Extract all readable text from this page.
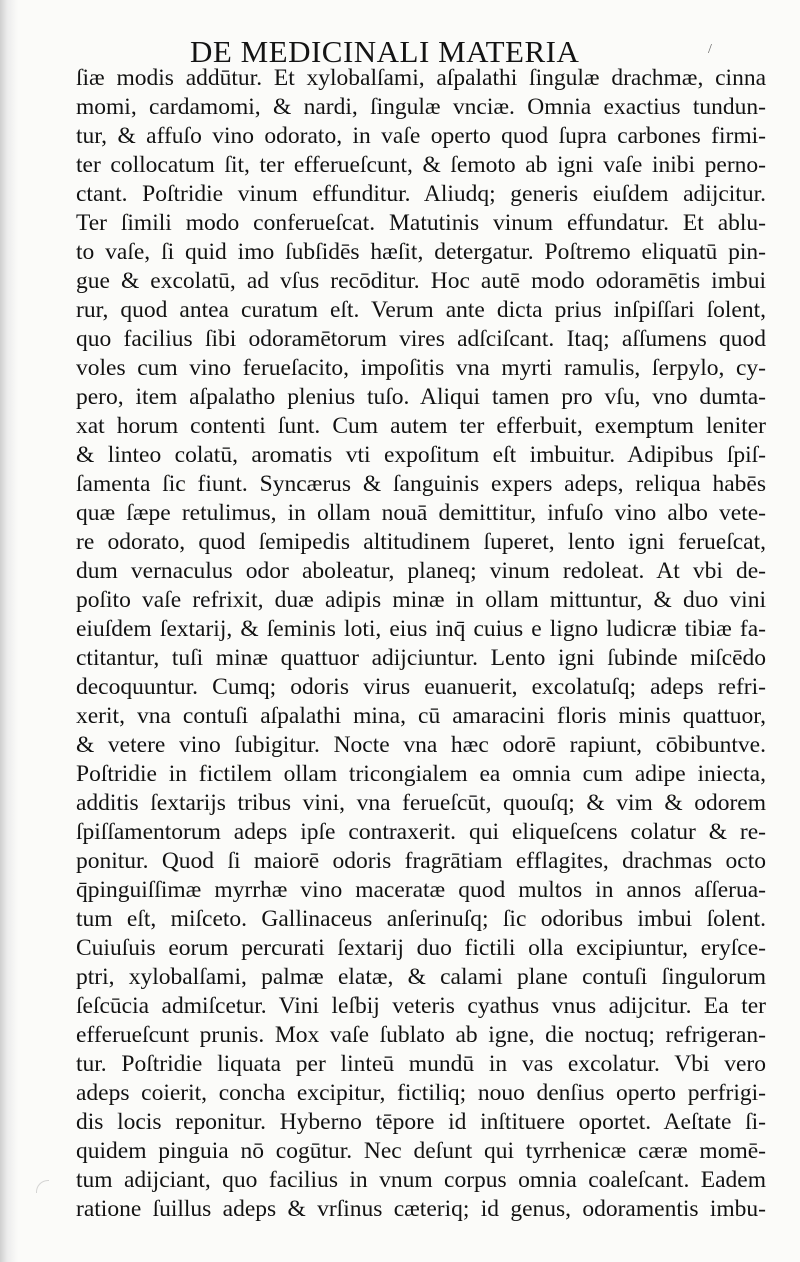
DE MEDICINALI MATERIA	/
ſiæ modis addūtur. Et xylobalſami, aſpalathi ſingulæ drachmæ, cinna
momi, cardamomi, & nardi, ſingulæ vnciæ. Omnia exactius tundun-
tur, & affuſo vino odorato, in vaſe operto quod ſupra carbones firmi-
ter collocatum ſit, ter efferueſcunt, & ſemoto ab igni vaſe inibi perno-
ctant. Poſtridie vinum effunditur. Aliudq; generis eiuſdem adijcitur.
Ter ſimili modo conferueſcat. Matutinis vinum effundatur. Et ablu-
to vaſe, ſi quid imo ſubſidēs hæſit, detergatur. Poſtremo eliquatū pin-
gue & excolatū, ad vſus recōditur. Hoc autē modo odoramētis imbui
rur, quod antea curatum eſt. Verum ante dicta prius inſpiſſari ſolent,
quo facilius ſibi odoramētorum vires adſciſcant. Itaq; aſſumens quod
voles cum vino ferueſacito, impoſitis vna myrti ramulis, ſerpylo, cy-
pero, item aſpalatho plenius tuſo. Aliqui tamen pro vſu, vno dumta-
xat horum contenti ſunt. Cum autem ter efferbuit, exemptum leniter
& linteo colatū, aromatis vti expoſitum eſt imbuitur. Adipibus ſpiſ-
ſamenta ſic fiunt. Syncærus & ſanguinis expers adeps, reliqua habēs
quæ ſæpe retulimus, in ollam nouā demittitur, infuſo vino albo vete-
re odorato, quod ſemipedis altitudinem ſuperet, lento igni ferueſcat,
dum vernaculus odor aboleatur, planeq; vinum redoleat. At vbi de-
poſito vaſe refrixit, duæ adipis minæ in ollam mittuntur, & duo vini
eiuſdem ſextarij, & ſeminis loti, eius inq̄ cuius e ligno ludicræ tibiæ fa-
ctitantur, tuſi minæ quattuor adijciuntur. Lento igni ſubinde miſcēdo
decoquuntur. Cumq; odoris virus euanuerit, excolatuſq; adeps refri-
xerit, vna contuſi aſpalathi mina, cū amaracini floris minis quattuor,
& vetere vino ſubigitur. Nocte vna hæc odorē rapiunt, cōbibuntve.
Poſtridie in fictilem ollam tricongialem ea omnia cum adipe iniecta,
additis ſextarijs tribus vini, vna ferueſcūt, quouſq; & vim & odorem
ſpiſſamentorum adeps ipſe contraxerit. qui eliqueſcens colatur & re-
ponitur. Quod ſi maiorē odoris fragrātiam efflagites, drachmas octo
q̄pinguiſſimæ myrrhæ vino maceratæ quod multos in annos aſſerua-
tum eſt, miſceto. Gallinaceus anſerinuſq; ſic odoribus imbui ſolent.
Cuiuſuis eorum percurati ſextarij duo fictili olla excipiuntur, eryſce-
ptri, xylobalſami, palmæ elatæ, & calami plane contuſi ſingulorum
ſeſcūcia admiſcetur. Vini leſbij veteris cyathus vnus adijcitur. Ea ter
efferueſcunt prunis. Mox vaſe ſublato ab igne, die noctuq; refrigeran-
tur. Poſtridie liquata per linteū mundū in vas excolatur. Vbi vero
adeps coierit, concha excipitur, fictiliq; nouo denſius operto perfrigi-
dis locis reponitur. Hyberno tēpore id inſtituere oportet. Aeſtate ſi-
quidem pinguia nō cogūtur. Nec deſunt qui tyrrhenicæ cæræ momē-
tum adijciant, quo facilius in vnum corpus omnia coaleſcant. Eadem
ratione ſuillus adeps & vrſinus cæteriq; id genus, odoramentis imbu-
